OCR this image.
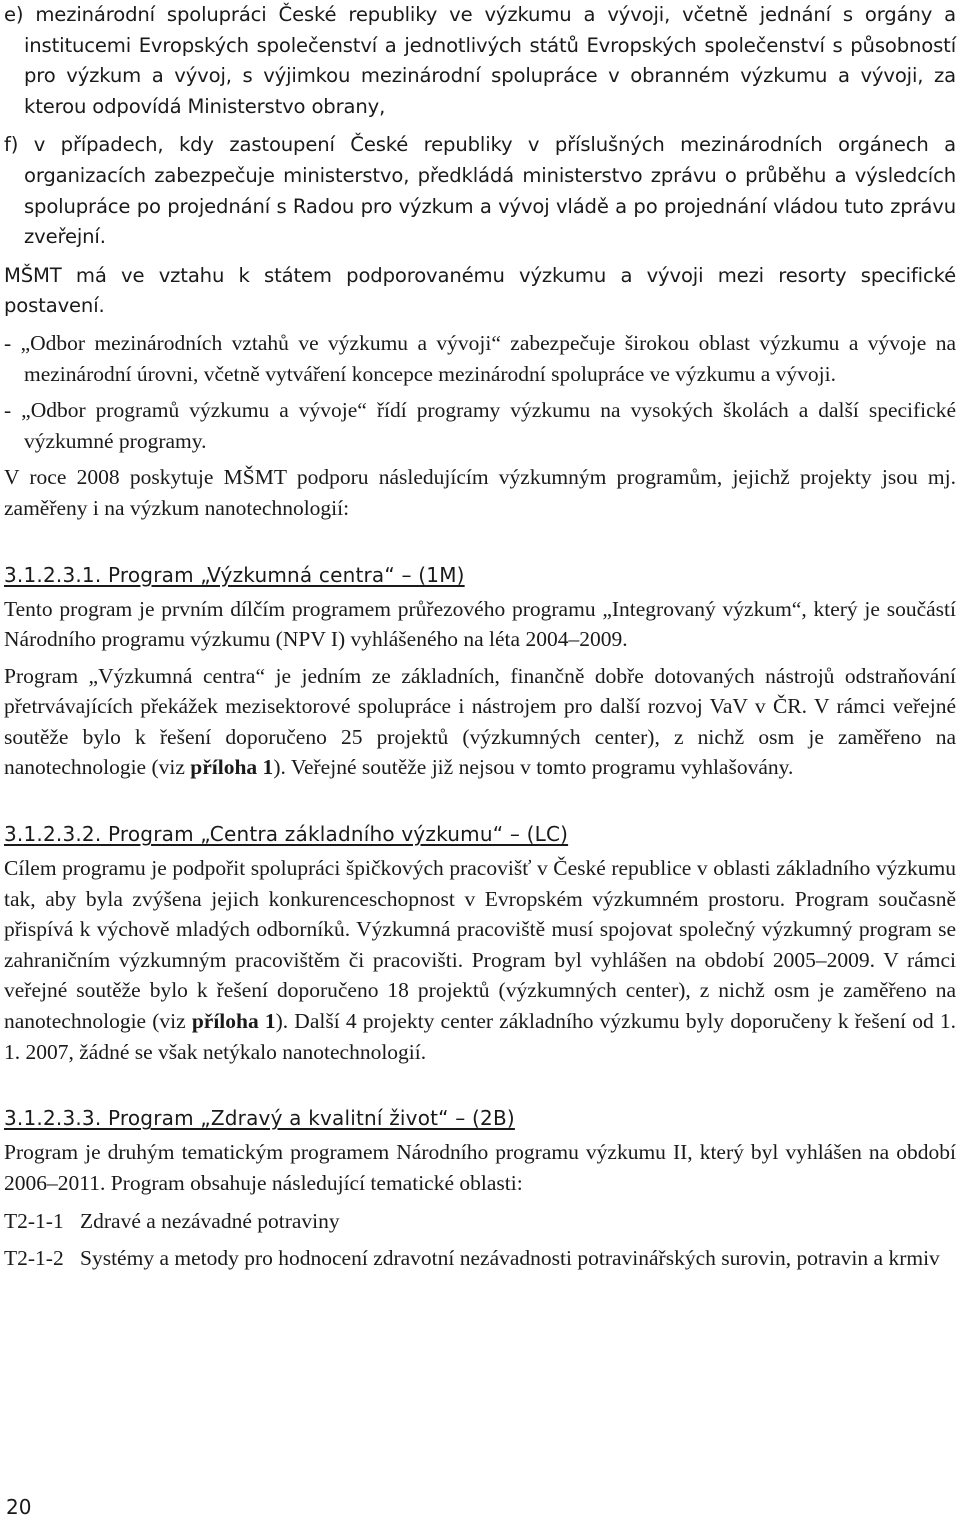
e) mezinárodní spolupráci České republiky ve výzkumu a vývoji, včetně jednání s orgány a institucemi Evropských společenství a jednotlivých států Evropských společenství s působností pro výzkum a vývoj, s výjimkou mezinárodní spolupráce v obranném výzkumu a vývoji, za kterou odpovídá Ministerstvo obrany,

f) v případech, kdy zastoupení České republiky v příslušných mezinárodních orgánech a organizacích zabezpečuje ministerstvo, předkládá ministerstvo zprávu o průběhu a výsledcích spolupráce po projednání s Radou pro výzkum a vývoj vládě a po projednání vládou tuto zprávu zveřejní.

MŠMT má ve vztahu k státem podporovanému výzkumu a vývoji mezi resorty specifické postavení.

- „Odbor mezinárodních vztahů ve výzkumu a vývoji“ zabezpečuje širokou oblast výzkumu a vývoje na mezinárodní úrovni, včetně vytváření koncepce mezinárodní spolupráce ve výzkumu a vývoji.

- „Odbor programů výzkumu a vývoje“ řídí programy výzkumu na vysokých školách a další specifické výzkumné programy.

V roce 2008 poskytuje MŠMT podporu následujícím výzkumným programům, jejichž projekty jsou mj. zaměřeny i na výzkum nanotechnologií:

3.1.2.3.1. Program „Výzkumná centra“ – (1M)

Tento program je prvním dílčím programem průřezového programu „Integrovaný výzkum“, který je součástí Národního programu výzkumu (NPV I) vyhlášeného na léta 2004–2009.

Program „Výzkumná centra“ je jedním ze základních, finančně dobře dotovaných nástrojů odstraňování přetrvávajících překážek mezisektorové spolupráce i nástrojem pro další rozvoj VaV v ČR. V rámci veřejné soutěže bylo k řešení doporučeno 25 projektů (výzkumných center), z nichž osm je zaměřeno na nanotechnologie (viz příloha 1). Veřejné soutěže již nejsou v tomto programu vyhlašovány.

3.1.2.3.2. Program „Centra základního výzkumu“ – (LC)

Cílem programu je podpořit spolupráci špičkových pracovišť v České republice v oblasti základního výzkumu tak, aby byla zvýšena jejich konkurenceschopnost v Evropském výzkumném prostoru. Program současně přispívá k výchově mladých odborníků. Výzkumná pracoviště musí spojovat společný výzkumný program se zahraničním výzkumným pracovištěm či pracovišti. Program byl vyhlášen na období 2005–2009. V rámci veřejné soutěže bylo k řešení doporučeno 18 projektů (výzkumných center), z nichž osm je zaměřeno na nanotechnologie (viz příloha 1). Další 4 projekty center základního výzkumu byly doporučeny k řešení od 1. 1. 2007, žádné se však netýkalo nanotechnologií.

3.1.2.3.3. Program „Zdravý a kvalitní život“ – (2B)

Program je druhým tematickým programem Národního programu výzkumu II, který byl vyhlášen na období 2006–2011. Program obsahuje následující tematické oblasti:

T2-1-1 Zdravé a nezávadné potraviny
T2-1-2 Systémy a metody pro hodnocení zdravotní nezávadnosti potravinářských surovin, potravin a krmiv
20
